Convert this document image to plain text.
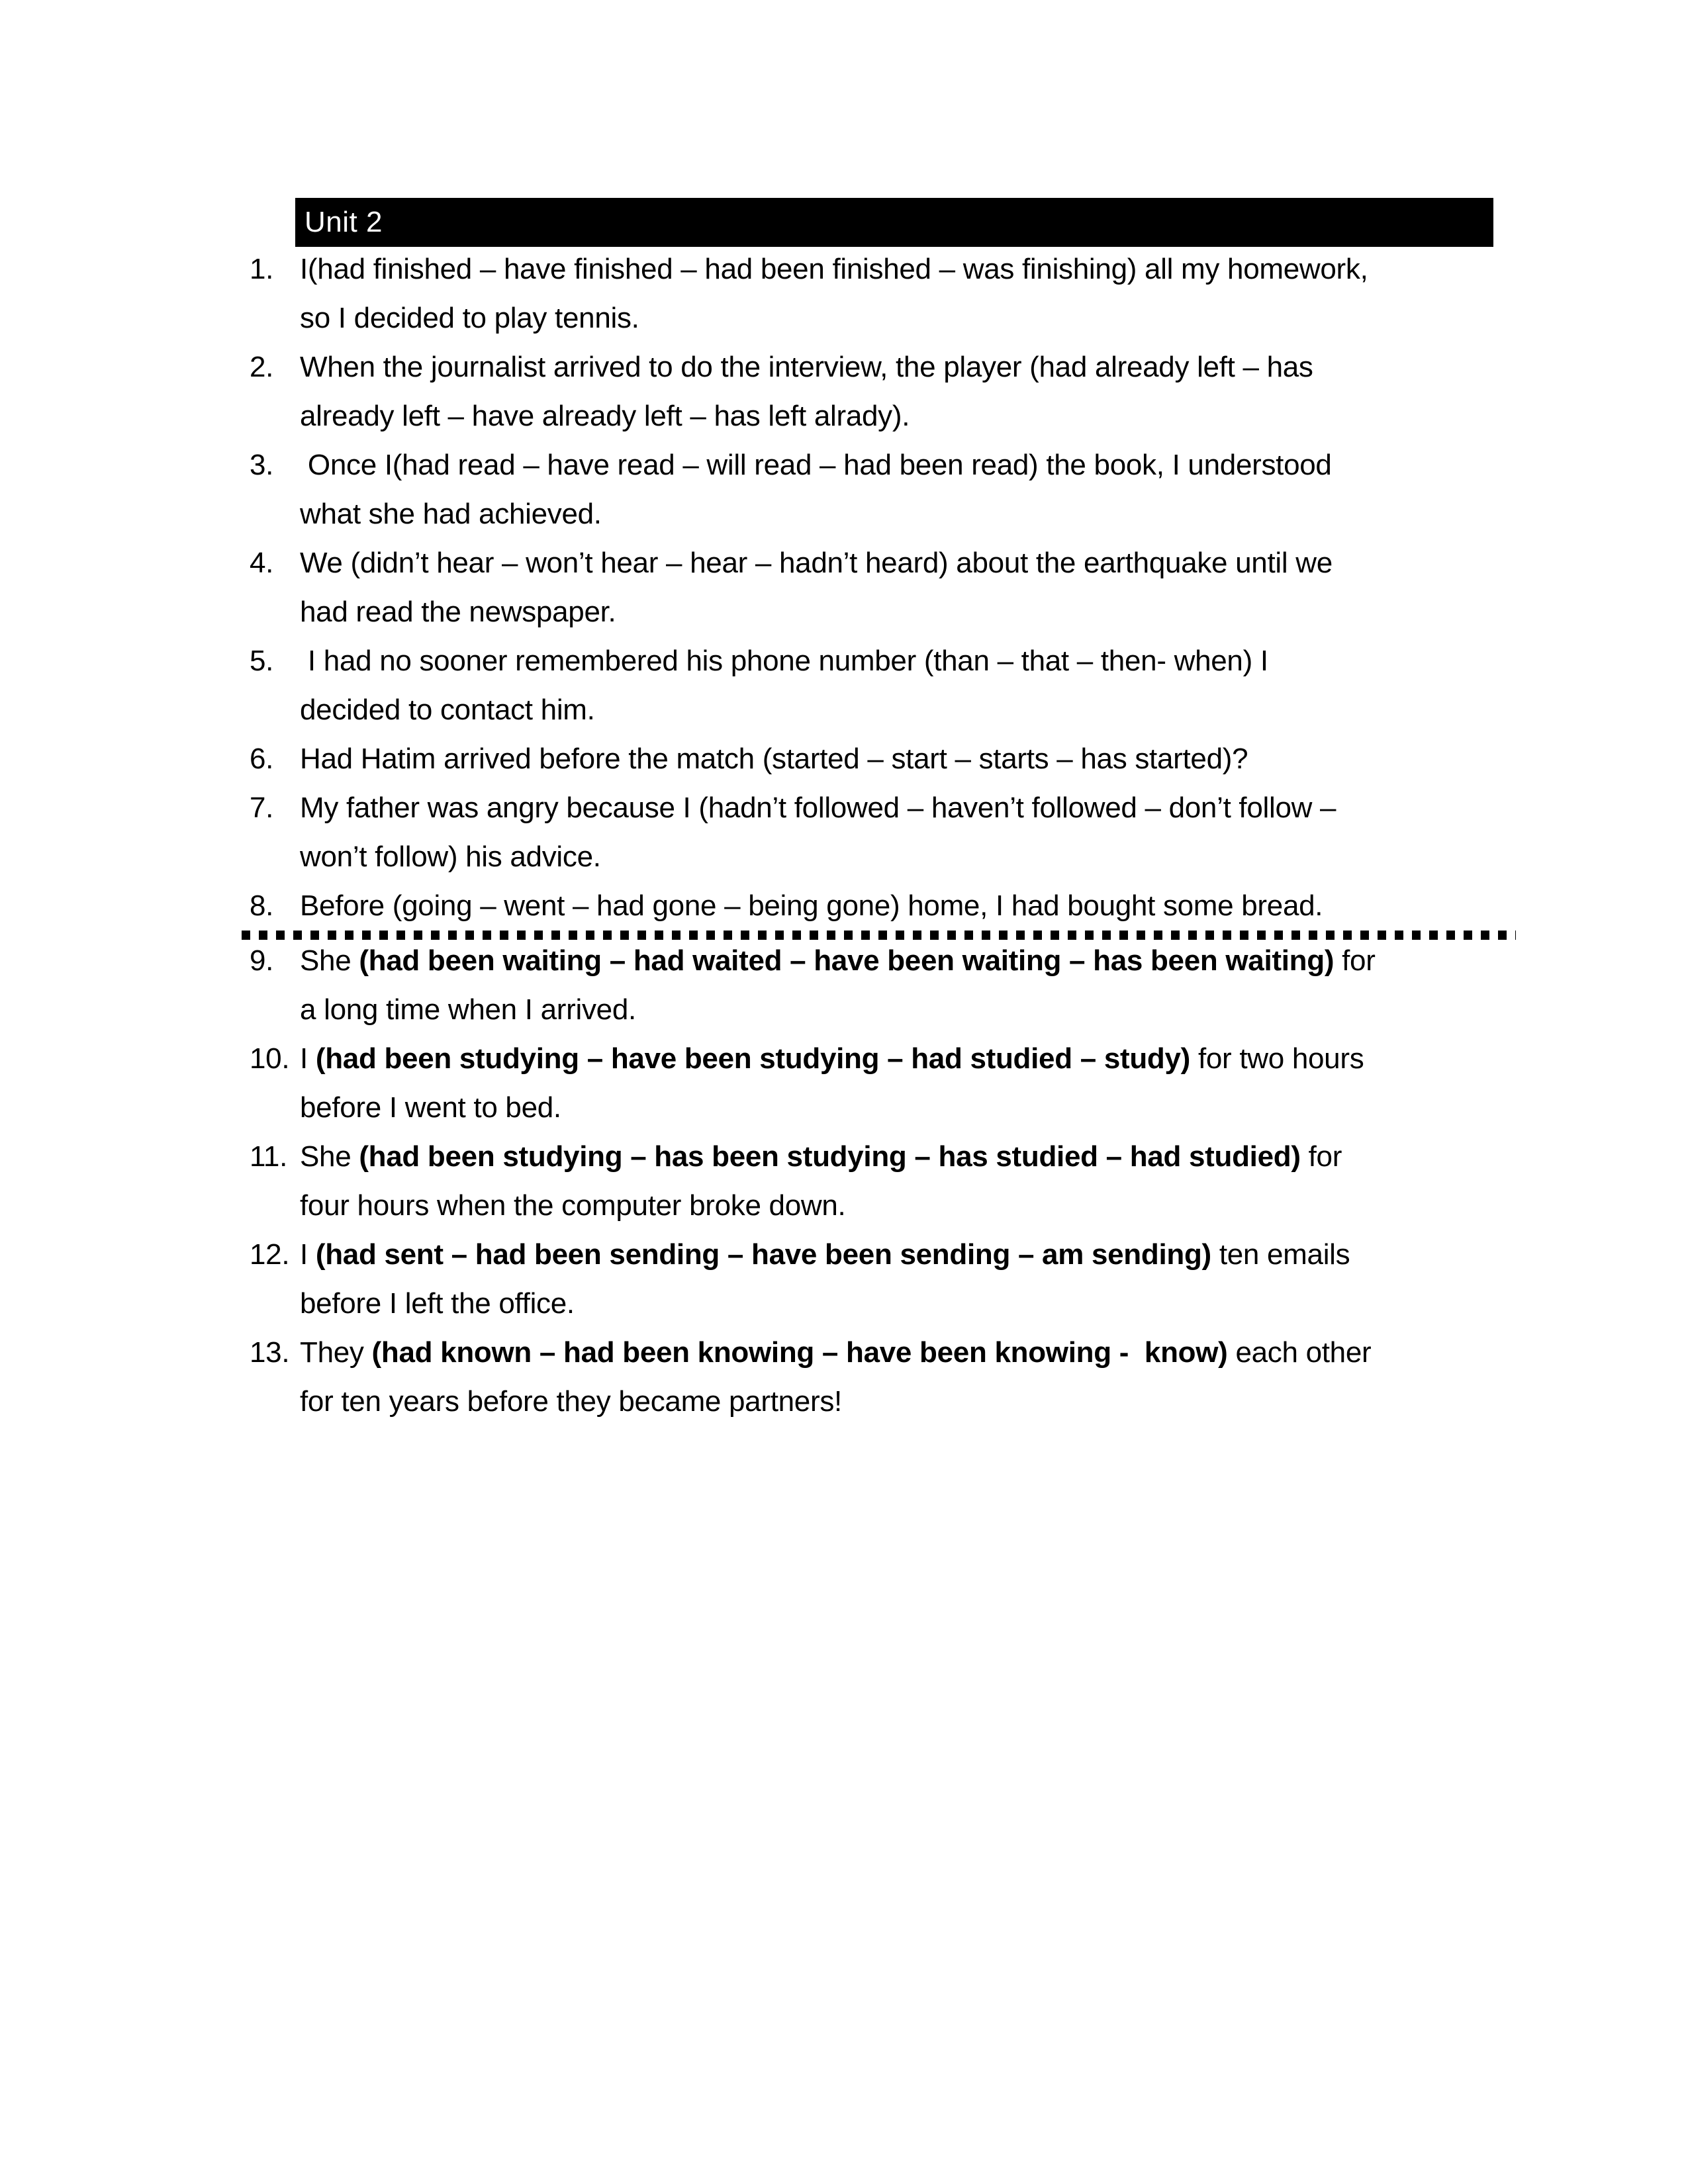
Unit 2
1. I(had finished – have finished – had been finished – was finishing) all my homework,
so I decided to play tennis.
2. When the journalist arrived to do the interview, the player (had already left – has
already left – have already left – has left alrady).
3. Once I(had read – have read – will read – had been read) the book, I understood
what she had achieved.
4. We (didn’t hear – won’t hear – hear – hadn’t heard) about the earthquake until we
had read the newspaper.
5. I had no sooner remembered his phone number (than – that – then- when) I
decided to contact him.
6. Had Hatim arrived before the match (started – start – starts – has started)?
7. My father was angry because I (hadn’t followed – haven’t followed – don’t follow –
won’t follow) his advice.
8. Before (going – went – had gone – being gone) home, I had bought some bread.
9. She (had been waiting – had waited – have been waiting – has been waiting) for
a long time when I arrived.
10. I (had been studying – have been studying – had studied – study) for two hours
before I went to bed.
11. She (had been studying – has been studying – has studied – had studied) for
four hours when the computer broke down.
12. I (had sent – had been sending – have been sending – am sending) ten emails
before I left the office.
13. They (had known – had been knowing – have been knowing -  know) each other
for ten years before they became partners!
